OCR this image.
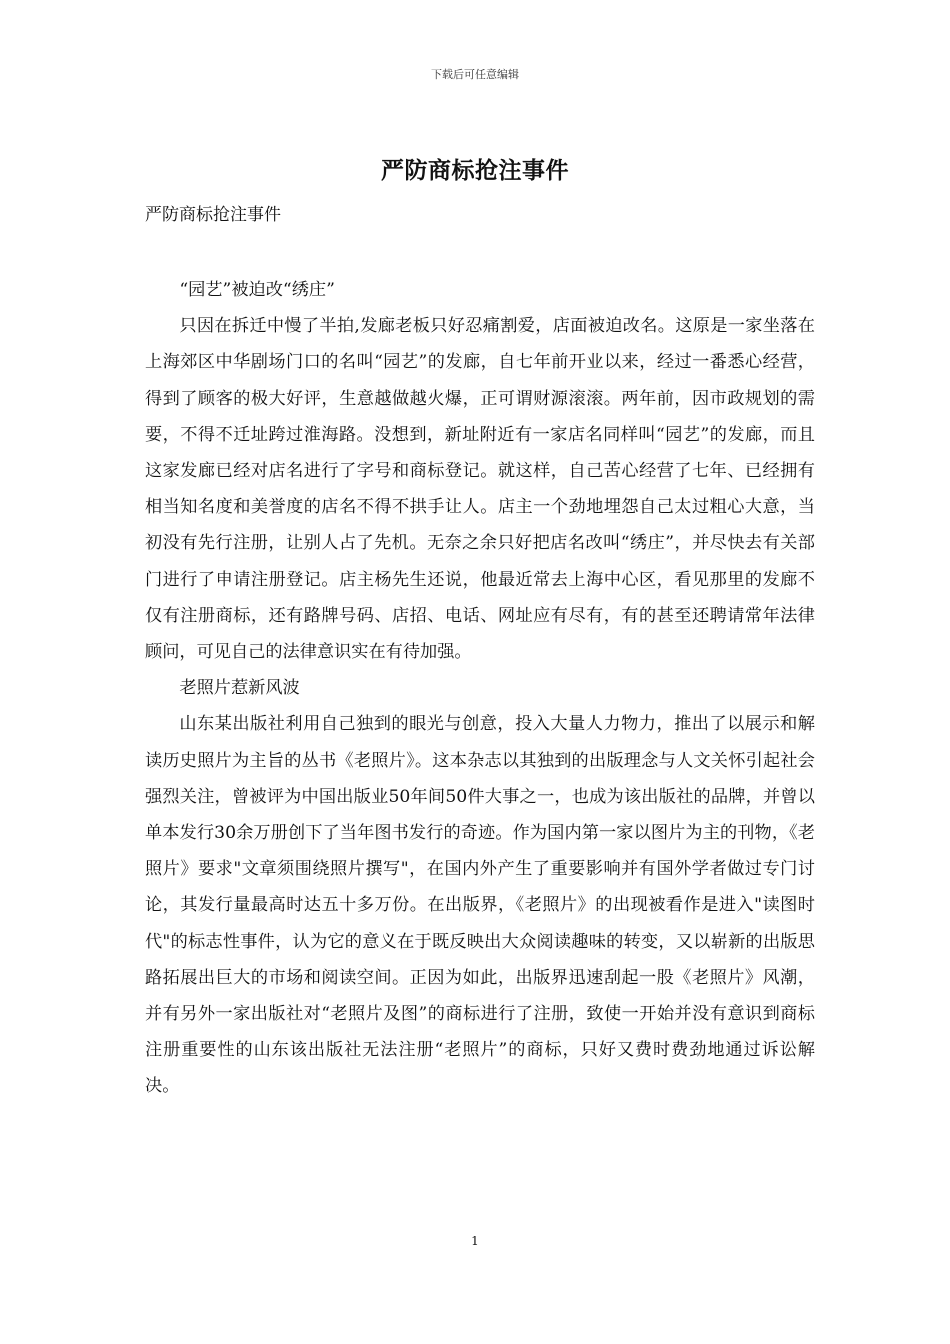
下载后可任意编辑
严防商标抢注事件
严防商标抢注事件

“园艺”被迫改“绣庄”

只因在拆迁中慢了半拍,发廊老板只好忍痛割爱，店面被迫改名。这原是一家坐落在上海郊区中华剧场门口的名叫“园艺”的发廊，自七年前开业以来，经过一番悉心经营，得到了顾客的极大好评，生意越做越火爆，正可谓财源滚滚。两年前，因市政规划的需要，不得不迁址跨过淮海路。没想到，新址附近有一家店名同样叫“园艺”的发廊，而且这家发廊已经对店名进行了字号和商标登记。就这样，自己苦心经营了七年、已经拥有相当知名度和美誉度的店名不得不拱手让人。店主一个劲地埋怨自己太过粗心大意，当初没有先行注册，让别人占了先机。无奈之余只好把店名改叫“绣庄”，并尽快去有关部门进行了申请注册登记。店主杨先生还说，他最近常去上海中心区，看见那里的发廊不仅有注册商标，还有路牌号码、店招、电话、网址应有尽有，有的甚至还聘请常年法律顾问，可见自己的法律意识实在有待加强。

老照片惹新风波

山东某出版社利用自己独到的眼光与创意，投入大量人力物力，推出了以展示和解读历史照片为主旨的丛书《老照片》。这本杂志以其独到的出版理念与人文关怀引起社会强烈关注，曾被评为中国出版业50年间50件大事之一，也成为该出版社的品牌，并曾以单本发行30余万册创下了当年图书发行的奇迹。作为国内第一家以图片为主的刊物，《老照片》要求"文章须围绕照片撰写"，在国内外产生了重要影响并有国外学者做过专门讨论，其发行量最高时达五十多万份。在出版界，《老照片》的出现被看作是进入"读图时代"的标志性事件，认为它的意义在于既反映出大众阅读趣味的转变，又以崭新的出版思路拓展出巨大的市场和阅读空间。正因为如此，出版界迅速刮起一股《老照片》风潮，并有另外一家出版社对“老照片及图”的商标进行了注册，致使一开始并没有意识到商标注册重要性的山东该出版社无法注册“老照片”的商标，只好又费时费劲地通过诉讼解决。

1
